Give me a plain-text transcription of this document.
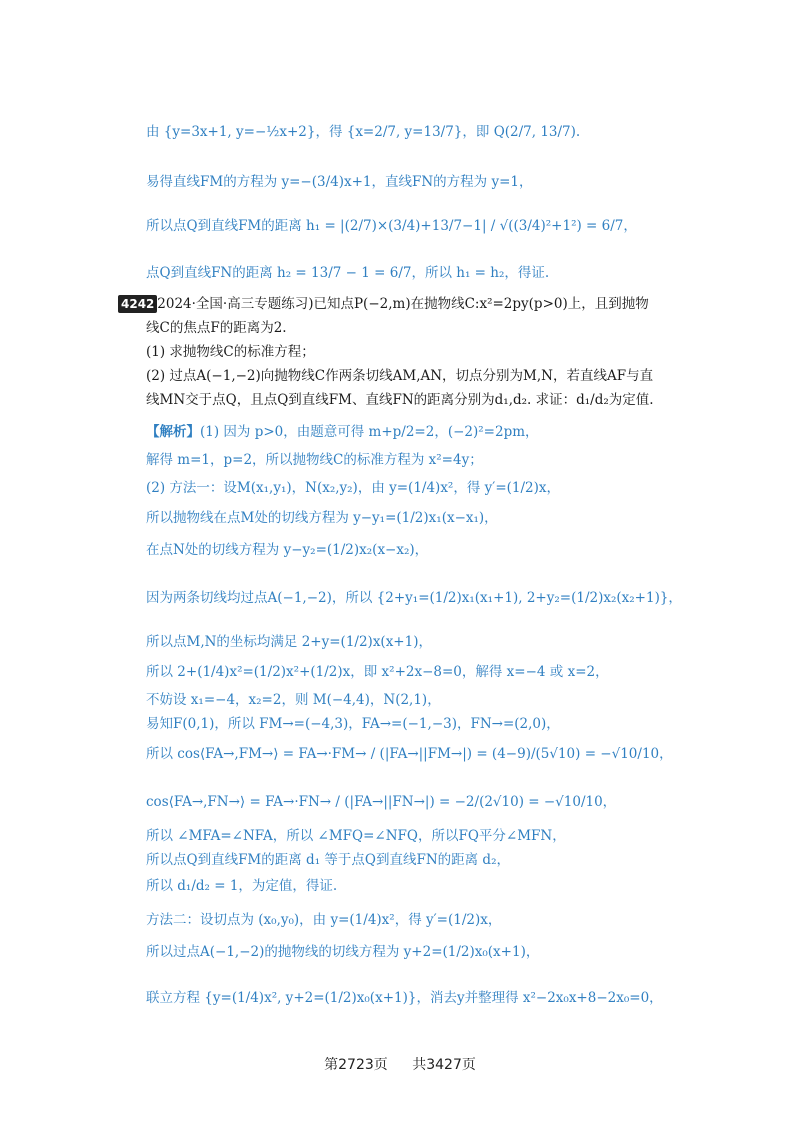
由 {y=3x+1, y=−½x+2}，得 {x=2/7, y=13/7}，即 Q(2/7, 13/7).
易得直线FM的方程为 y=−(3/4)x+1，直线FN的方程为 y=1，
所以点Q到直线FM的距离 h₁ = |(2/7)×(3/4)+13/7−1| / √((3/4)²+1²) = 6/7，
点Q到直线FN的距离 h₂ = 13/7 − 1 = 6/7，所以 h₁ = h₂，得证.
4242
(2024·全国·高三专题练习)已知点P(−2,m)在抛物线C:x²=2py(p>0)上，且到抛物
线C的焦点F的距离为2.
(1) 求抛物线C的标准方程；
(2) 过点A(−1,−2)向抛物线C作两条切线AM,AN，切点分别为M,N，若直线AF与直
线MN交于点Q，且点Q到直线FM、直线FN的距离分别为d₁,d₂. 求证：d₁/d₂为定值.
【解析】(1) 因为 p>0，由题意可得 m+p/2=2，(−2)²=2pm，
解得 m=1，p=2，所以抛物线C的标准方程为 x²=4y；
(2) 方法一：设M(x₁,y₁)，N(x₂,y₂)，由 y=(1/4)x²，得 y′=(1/2)x，
所以抛物线在点M处的切线方程为 y−y₁=(1/2)x₁(x−x₁)，
在点N处的切线方程为 y−y₂=(1/2)x₂(x−x₂)，
因为两条切线均过点A(−1,−2)，所以 {2+y₁=(1/2)x₁(x₁+1), 2+y₂=(1/2)x₂(x₂+1)}，
所以点M,N的坐标均满足 2+y=(1/2)x(x+1)，
所以 2+(1/4)x²=(1/2)x²+(1/2)x，即 x²+2x−8=0，解得 x=−4 或 x=2，
不妨设 x₁=−4，x₂=2，则 M(−4,4)，N(2,1)，
易知F(0,1)，所以 FM→=(−4,3)，FA→=(−1,−3)，FN→=(2,0)，
所以 cos⟨FA→,FM→⟩ = FA→·FM→ / (|FA→||FM→|) = (4−9)/(5√10) = −√10/10，
cos⟨FA→,FN→⟩ = FA→·FN→ / (|FA→||FN→|) = −2/(2√10) = −√10/10，
所以 ∠MFA=∠NFA，所以 ∠MFQ=∠NFQ，所以FQ平分∠MFN，
所以点Q到直线FM的距离 d₁ 等于点Q到直线FN的距离 d₂，
所以 d₁/d₂ = 1，为定值，得证.
方法二：设切点为 (x₀,y₀)，由 y=(1/4)x²，得 y′=(1/2)x，
所以过点A(−1,−2)的抛物线的切线方程为 y+2=(1/2)x₀(x+1)，
联立方程 {y=(1/4)x², y+2=(1/2)x₀(x+1)}，消去y并整理得 x²−2x₀x+8−2x₀=0，
第2723页 共3427页
